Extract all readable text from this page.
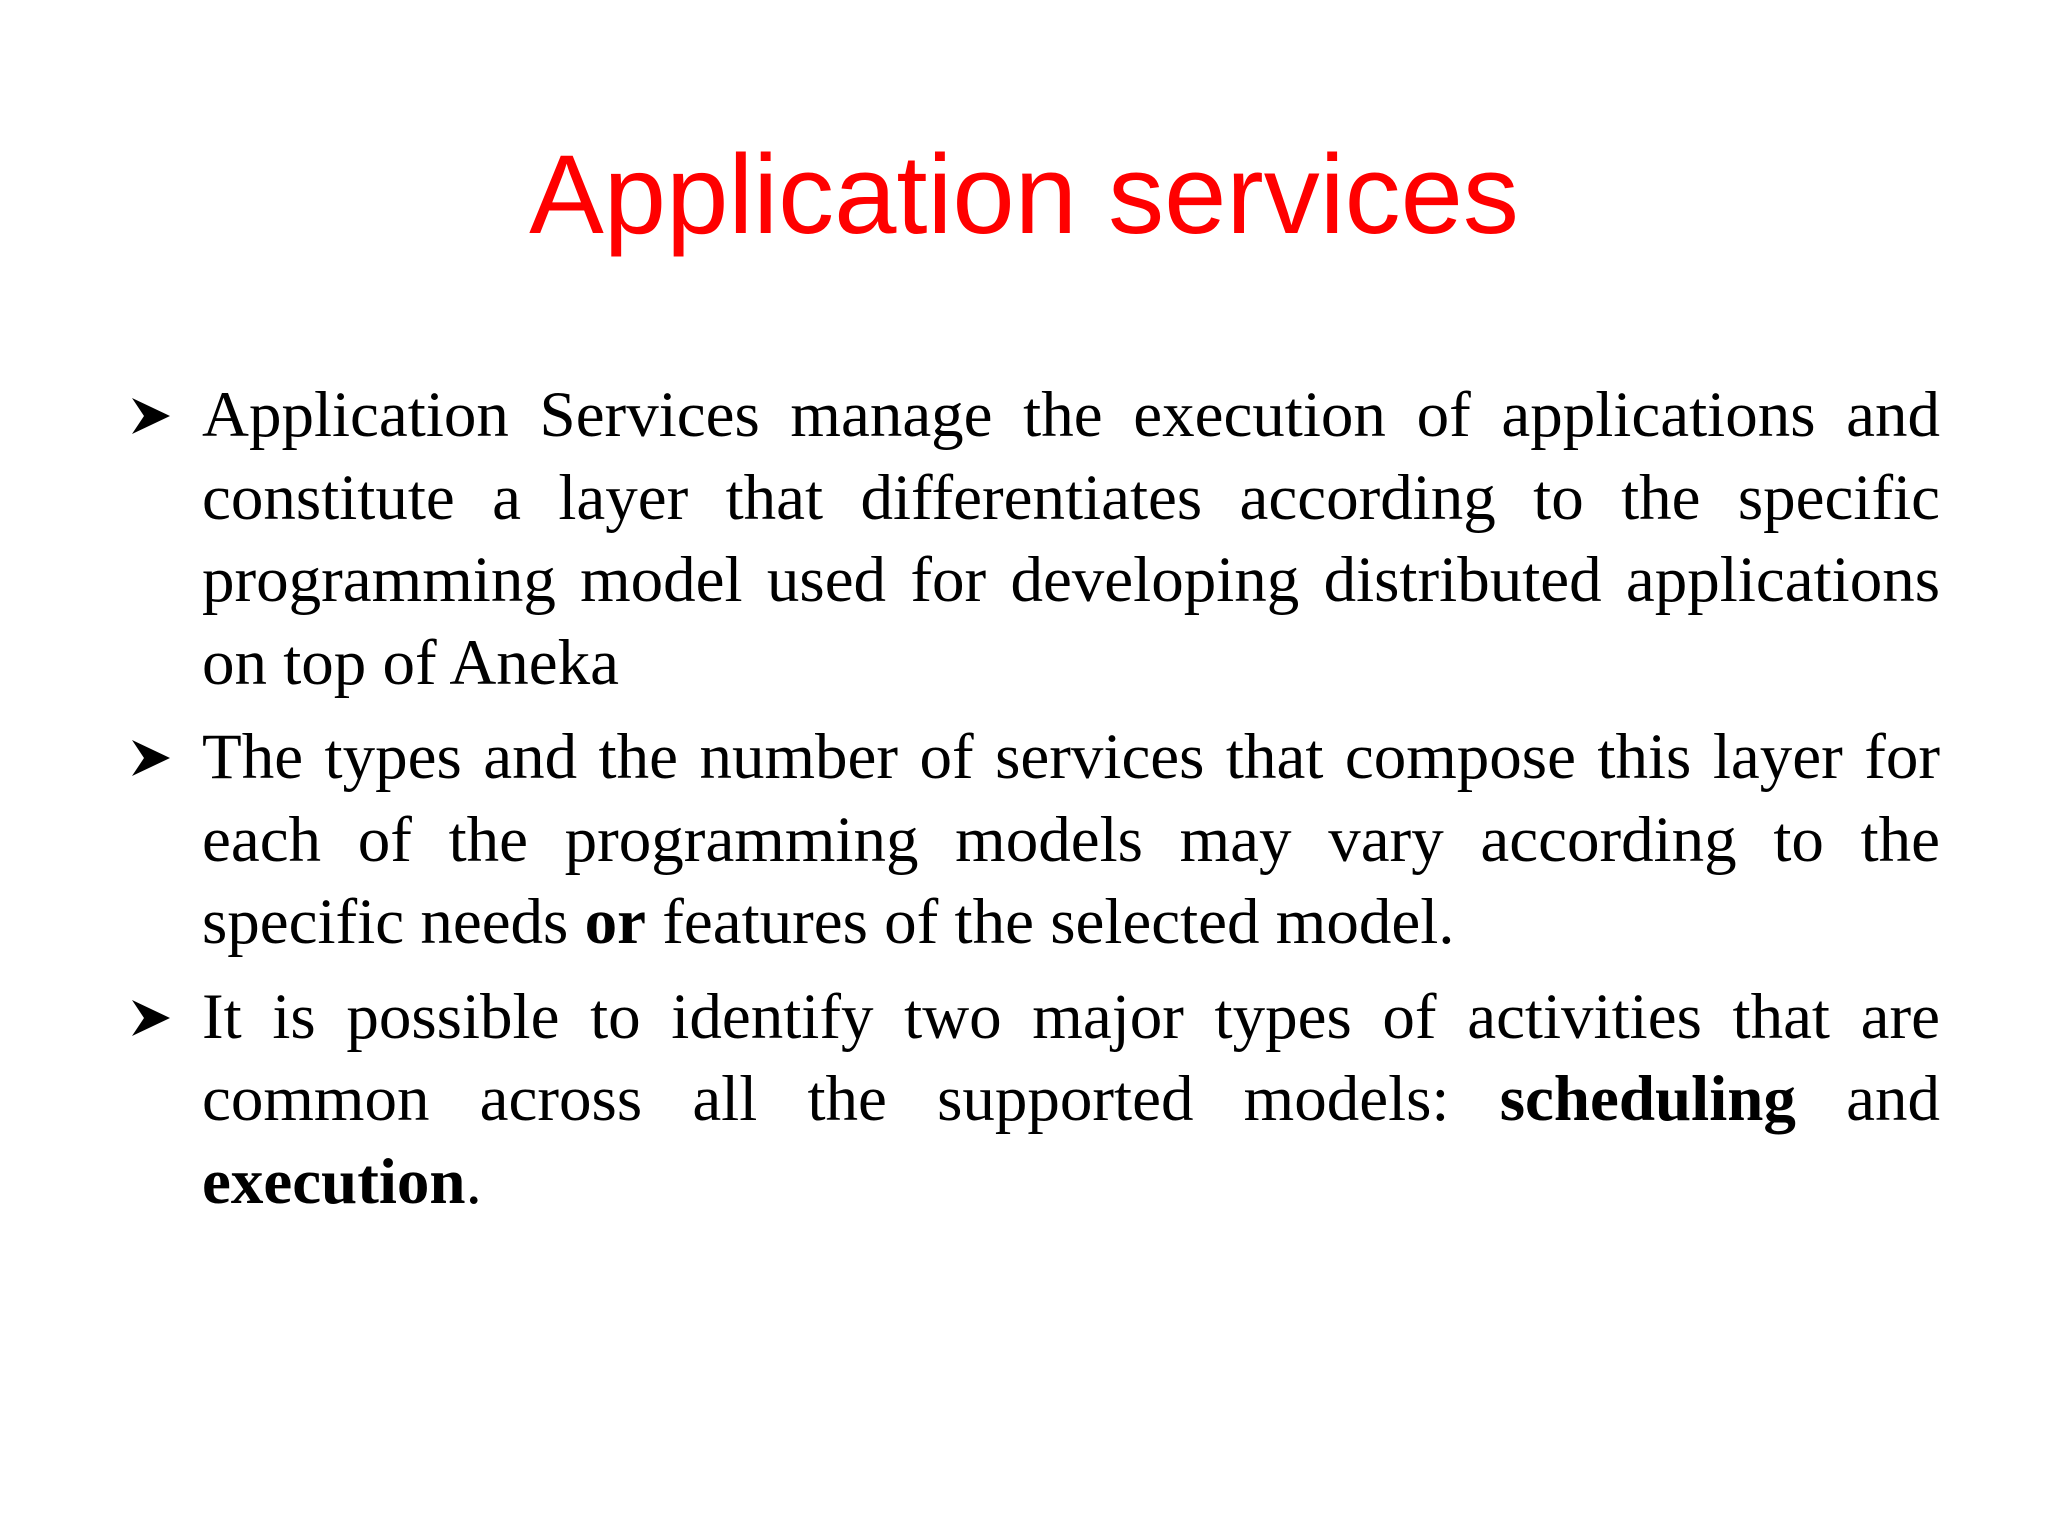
Application services
Application Services manage the execution of applications and constitute a layer that differentiates according to the specific programming model used for developing distributed applications on top of Aneka
The types and the number of services that compose this layer for each of the programming models may vary according to the specific needs or features of the selected model.
It is possible to identify two major types of activities that are common across all the supported models: scheduling and execution.
